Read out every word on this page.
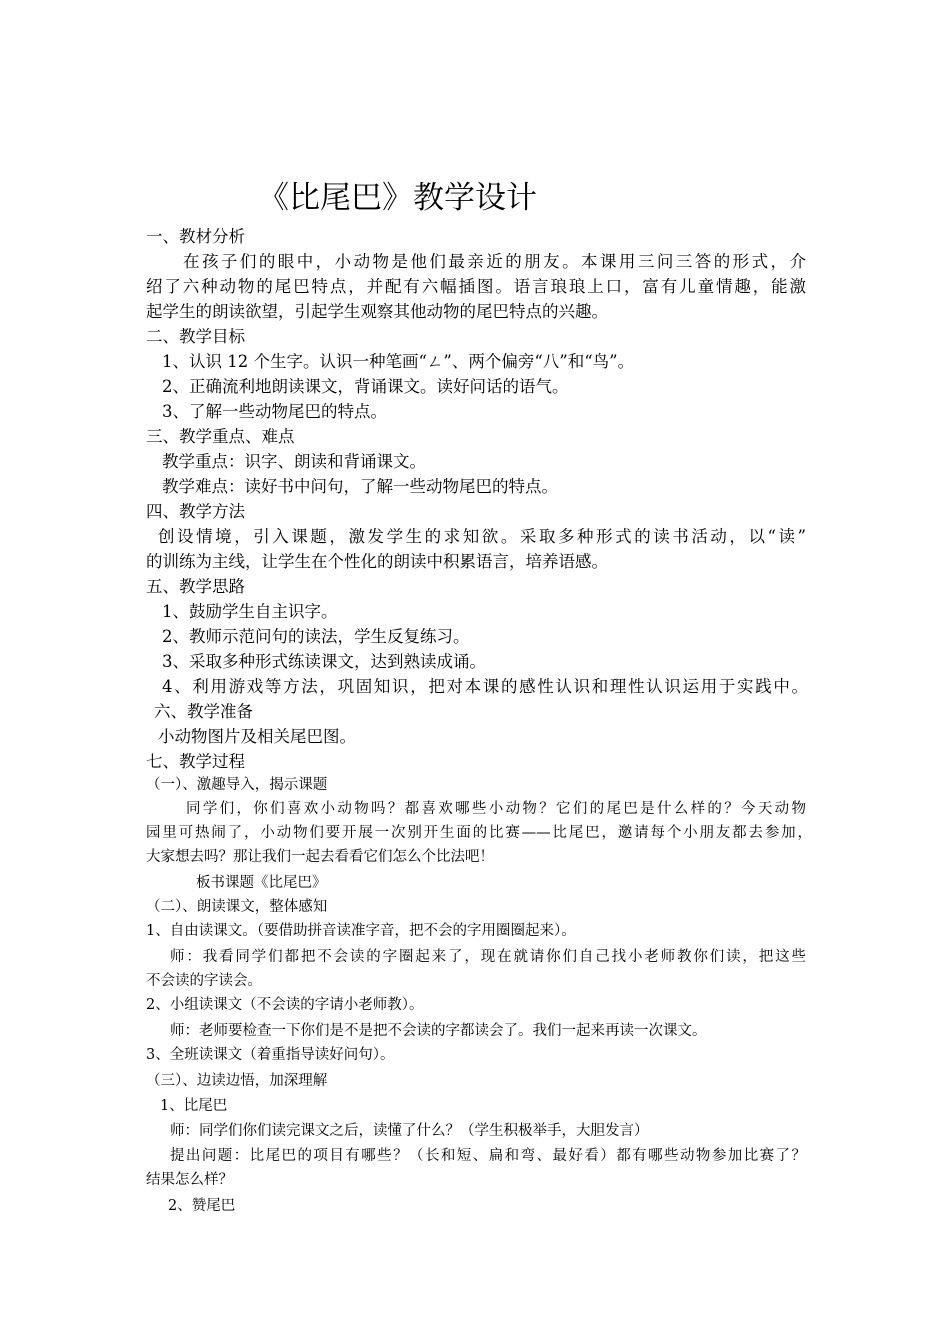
《比尾巴》教学设计
一、教材分析
在孩子们的眼中，小动物是他们最亲近的朋友。本课用三问三答的形式，介
绍了六种动物的尾巴特点，并配有六幅插图。语言琅琅上口，富有儿童情趣，能激
起学生的朗读欲望，引起学生观察其他动物的尾巴特点的兴趣。
二、教学目标
1、认识 12 个生字。认识一种笔画“ㄥ”、两个偏旁“八”和“鸟”。
2、正确流利地朗读课文，背诵课文。读好问话的语气。
3、了解一些动物尾巴的特点。
三、教学重点、难点
教学重点：识字、朗读和背诵课文。
教学难点：读好书中问句，了解一些动物尾巴的特点。
四、教学方法
创设情境，引入课题，激发学生的求知欲。采取多种形式的读书活动，以“读”
的训练为主线，让学生在个性化的朗读中积累语言，培养语感。
五、教学思路
1、鼓励学生自主识字。
2、教师示范问句的读法，学生反复练习。
3、采取多种形式练读课文，达到熟读成诵。
4、利用游戏等方法，巩固知识，把对本课的感性认识和理性认识运用于实践中。
六、教学准备
小动物图片及相关尾巴图。
七、教学过程
（一）、激趣导入，揭示课题
同学们，你们喜欢小动物吗？都喜欢哪些小动物？它们的尾巴是什么样的？今天动物
园里可热闹了，小动物们要开展一次别开生面的比赛——比尾巴，邀请每个小朋友都去参加，
大家想去吗？那让我们一起去看看它们怎么个比法吧！
板书课题《比尾巴》
（二）、朗读课文，整体感知
1、自由读课文。（要借助拼音读准字音，把不会的字用圈圈起来）。
师：我看同学们都把不会读的字圈起来了，现在就请你们自己找小老师教你们读，把这些
不会读的字读会。
2、小组读课文（不会读的字请小老师教）。
师：老师要检查一下你们是不是把不会读的字都读会了。我们一起来再读一次课文。
3、全班读课文（着重指导读好问句）。
（三）、边读边悟，加深理解
1、比尾巴
师：同学们你们读完课文之后，读懂了什么？（学生积极举手，大胆发言）
提出问题：比尾巴的项目有哪些？（长和短、扁和弯、最好看）都有哪些动物参加比赛了？
结果怎么样？
2、赞尾巴
